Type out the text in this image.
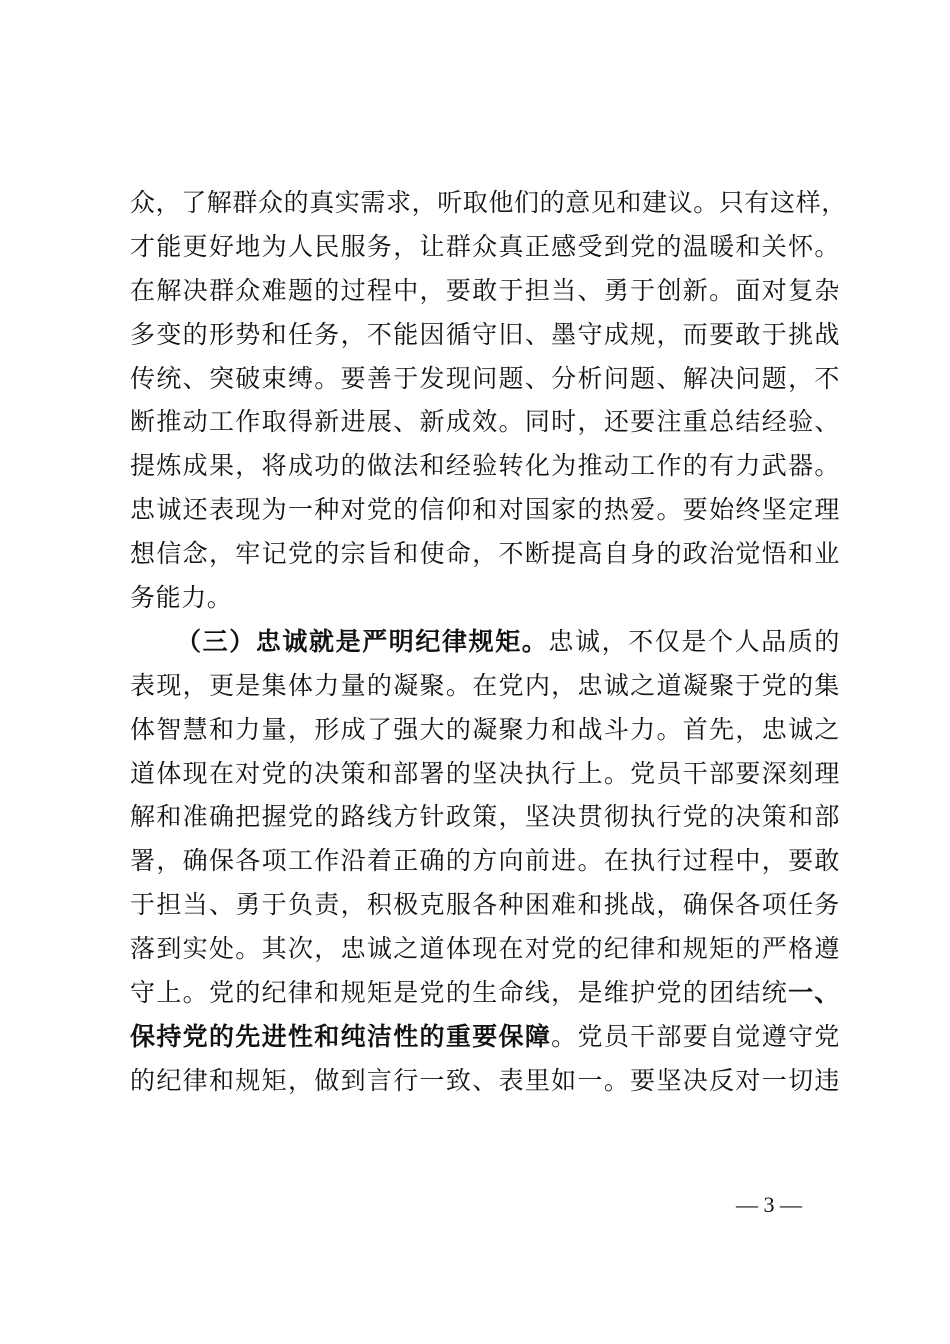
众，了解群众的真实需求，听取他们的意见和建议。只有这样，
才能更好地为人民服务，让群众真正感受到党的温暖和关怀。
在解决群众难题的过程中，要敢于担当、勇于创新。面对复杂
多变的形势和任务，不能因循守旧、墨守成规，而要敢于挑战
传统、突破束缚。要善于发现问题、分析问题、解决问题，不
断推动工作取得新进展、新成效。同时，还要注重总结经验、
提炼成果，将成功的做法和经验转化为推动工作的有力武器。
忠诚还表现为一种对党的信仰和对国家的热爱。要始终坚定理
想信念，牢记党的宗旨和使命，不断提高自身的政治觉悟和业
务能力。
（三）忠诚就是严明纪律规矩。忠诚，不仅是个人品质的
表现，更是集体力量的凝聚。在党内，忠诚之道凝聚于党的集
体智慧和力量，形成了强大的凝聚力和战斗力。首先，忠诚之
道体现在对党的决策和部署的坚决执行上。党员干部要深刻理
解和准确把握党的路线方针政策，坚决贯彻执行党的决策和部
署，确保各项工作沿着正确的方向前进。在执行过程中，要敢
于担当、勇于负责，积极克服各种困难和挑战，确保各项任务
落到实处。其次，忠诚之道体现在对党的纪律和规矩的严格遵
守上。党的纪律和规矩是党的生命线，是维护党的团结统一、
保持党的先进性和纯洁性的重要保障。党员干部要自觉遵守党
的纪律和规矩，做到言行一致、表里如一。要坚决反对一切违
— 3 —
